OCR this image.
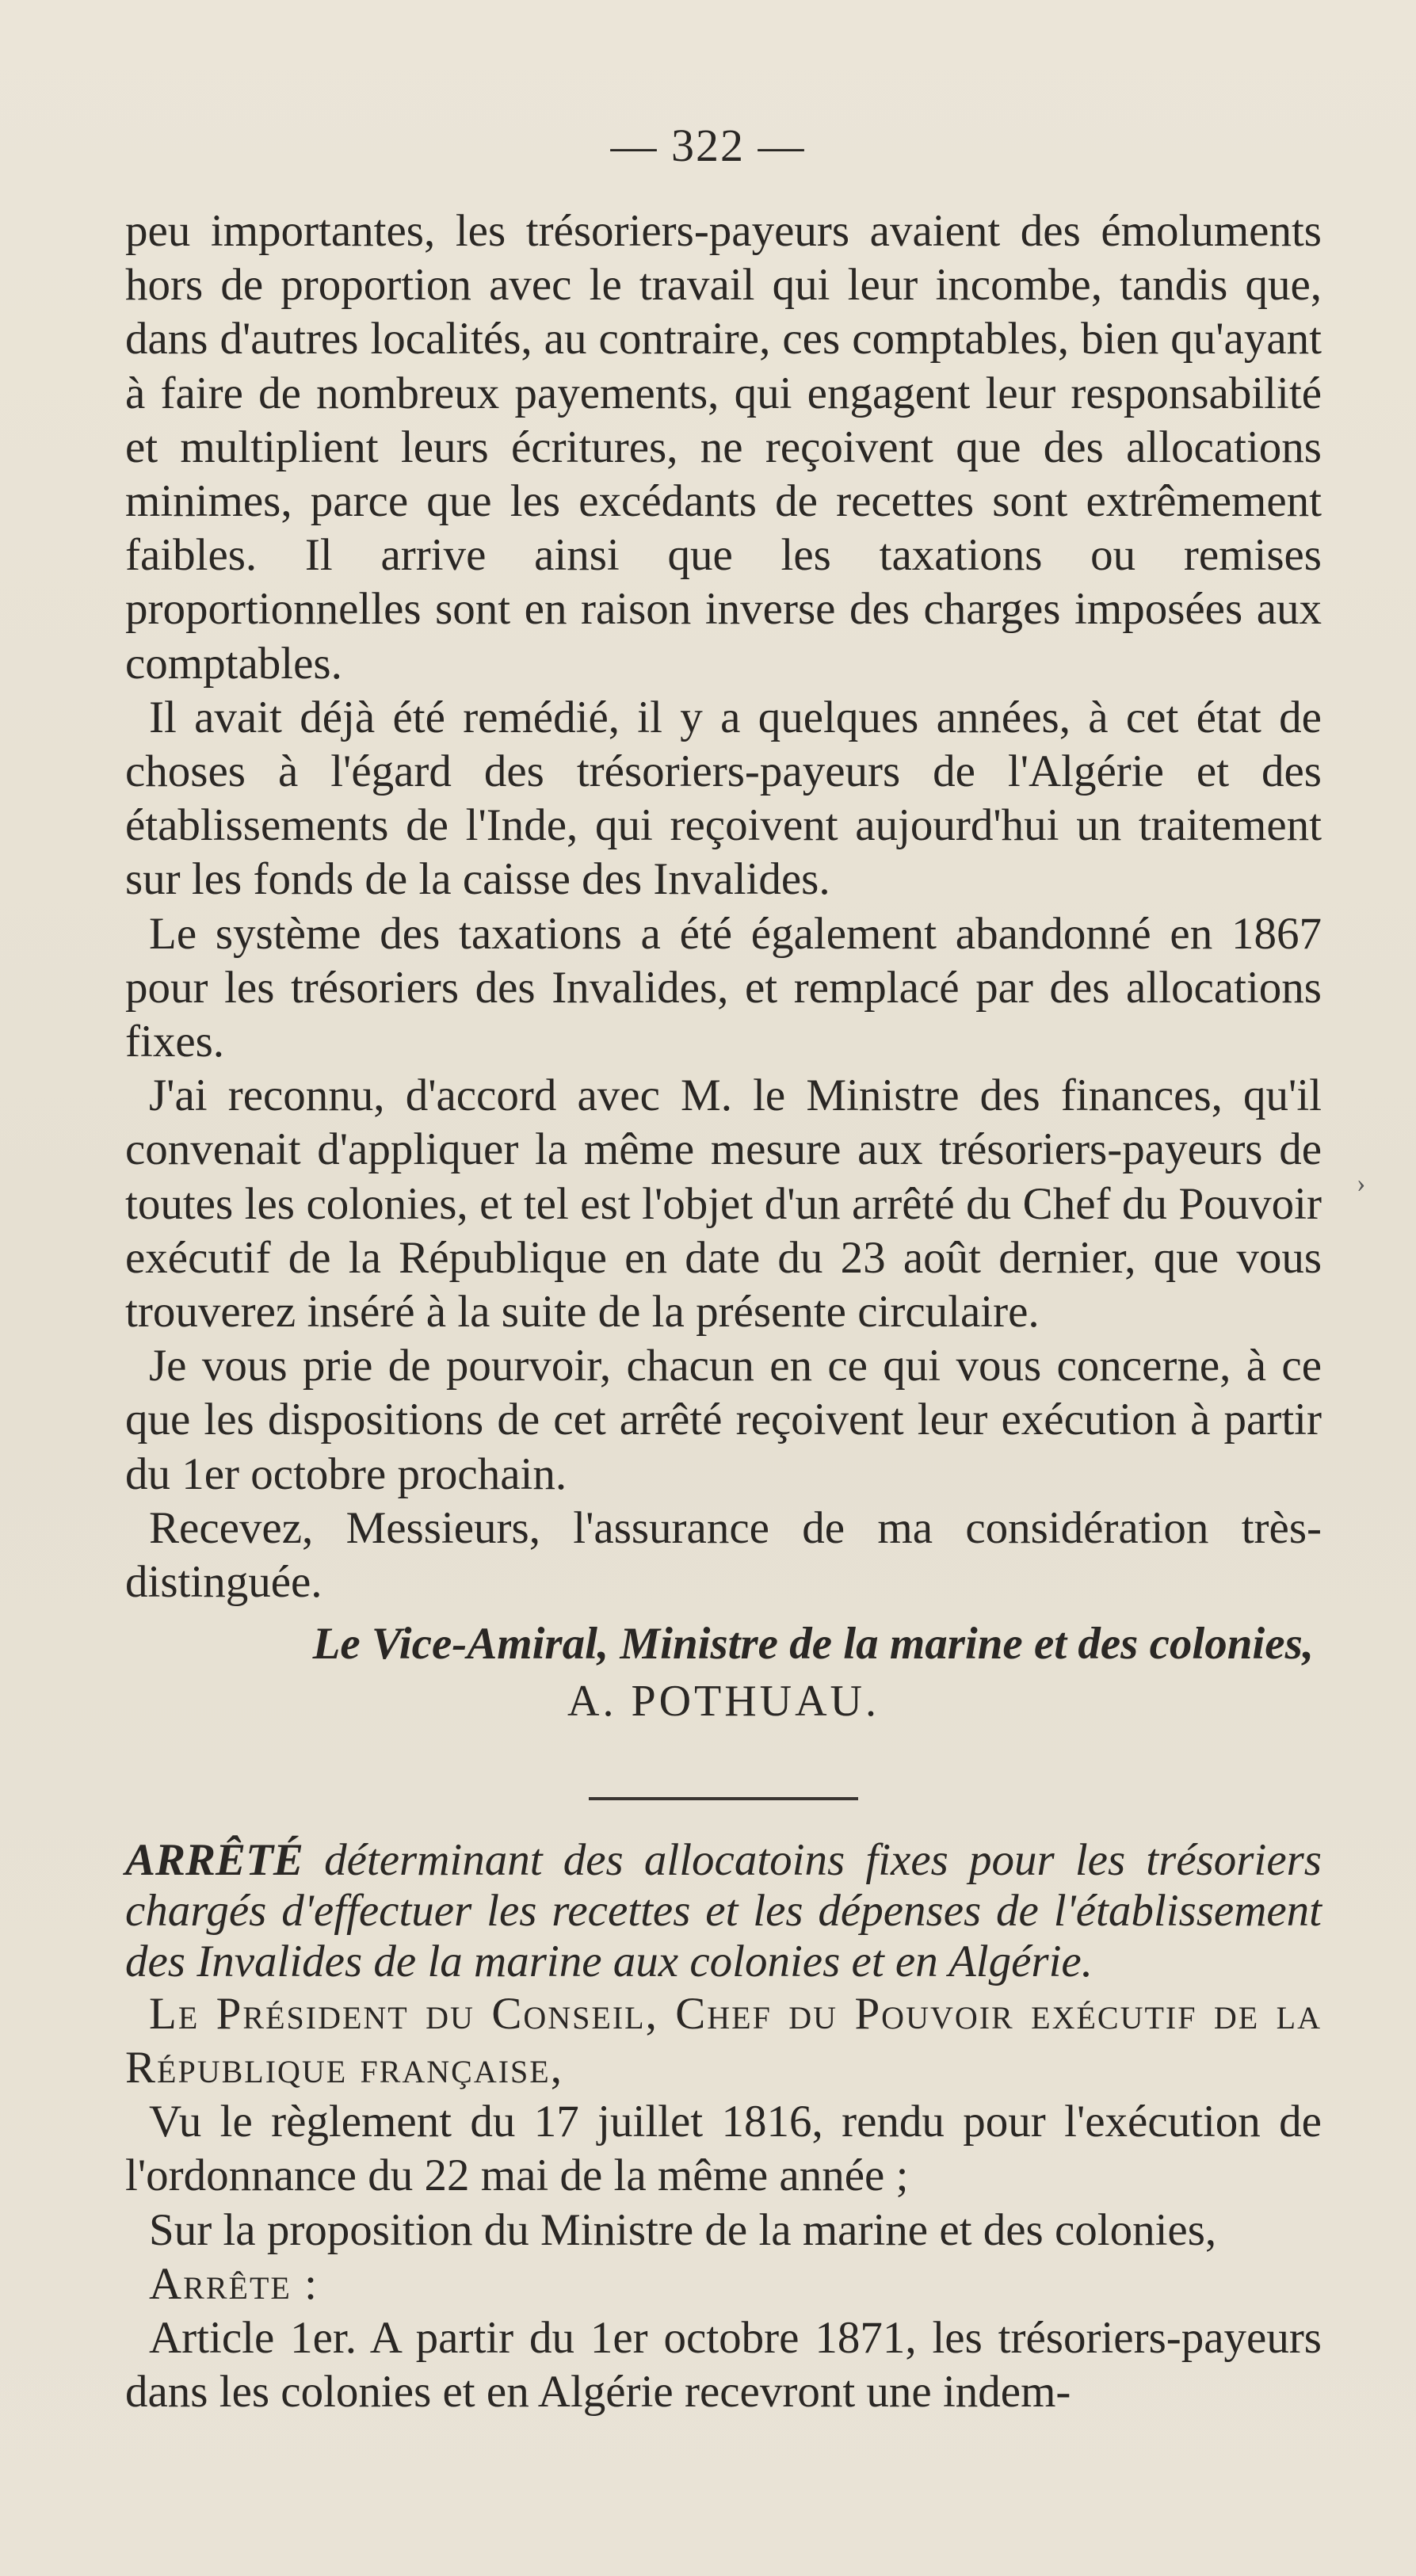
— 322 —
›

peu importantes, les trésoriers-payeurs avaient des émoluments hors de proportion avec le travail qui leur incombe, tandis que, dans d'autres localités, au contraire, ces comptables, bien qu'ayant à faire de nombreux payements, qui engagent leur responsabilité et multiplient leurs écritures, ne reçoivent que des allocations minimes, parce que les excédants de recettes sont extrêmement faibles. Il arrive ainsi que les taxations ou remises proportionnelles sont en raison inverse des charges imposées aux comptables.

Il avait déjà été remédié, il y a quelques années, à cet état de choses à l'égard des trésoriers-payeurs de l'Algérie et des établissements de l'Inde, qui reçoivent aujourd'hui un traitement sur les fonds de la caisse des Invalides.

Le système des taxations a été également abandonné en 1867 pour les trésoriers des Invalides, et remplacé par des allocations fixes.

J'ai reconnu, d'accord avec M. le Ministre des finances, qu'il convenait d'appliquer la même mesure aux trésoriers-payeurs de toutes les colonies, et tel est l'objet d'un arrêté du Chef du Pouvoir exécutif de la République en date du 23 août dernier, que vous trouverez inséré à la suite de la présente circulaire.

Je vous prie de pourvoir, chacun en ce qui vous concerne, à ce que les dispositions de cet arrêté reçoivent leur exécution à partir du 1er octobre prochain.

Recevez, Messieurs, l'assurance de ma considération très-distinguée.

Le Vice-Amiral, Ministre de la marine et des colonies,
A. POTHUAU.

ARRÊTÉ déterminant des allocatoins fixes pour les trésoriers chargés d'effectuer les recettes et les dépenses de l'établissement des Invalides de la marine aux colonies et en Algérie.

Le Président du Conseil, Chef du Pouvoir exécutif de la République française,

Vu le règlement du 17 juillet 1816, rendu pour l'exécution de l'ordonnance du 22 mai de la même année ;

Sur la proposition du Ministre de la marine et des colonies,

Arrête :

Article 1er. A partir du 1er octobre 1871, les trésoriers-payeurs dans les colonies et en Algérie recevront une indem-
